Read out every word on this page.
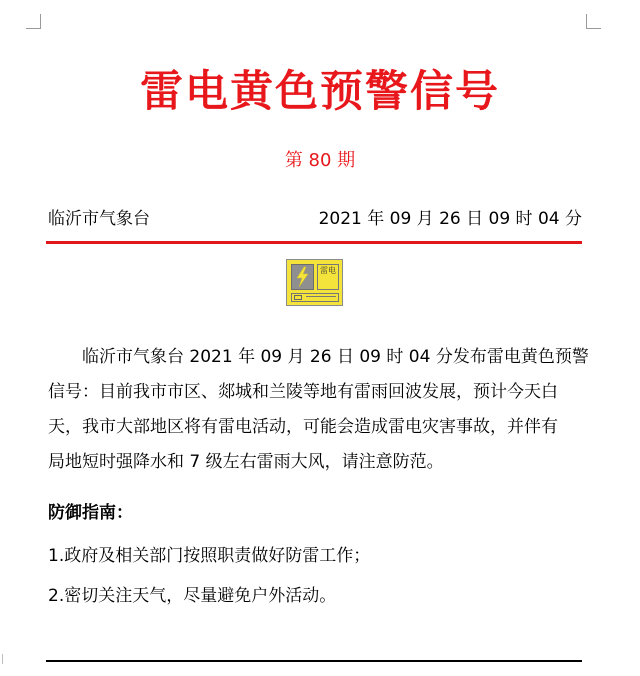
雷电黄色预警信号
第 80 期
临沂市气象台	2021 年 09 月 26 日 09 时 04 分
雷电
临沂市气象台 2021 年 09 月 26 日 09 时 04 分发布雷电黄色预警
信号：目前我市市区、郯城和兰陵等地有雷雨回波发展，预计今天白
天，我市大部地区将有雷电活动，可能会造成雷电灾害事故，并伴有
局地短时强降水和 7 级左右雷雨大风，请注意防范。
防御指南：
1.政府及相关部门按照职责做好防雷工作；
2.密切关注天气，尽量避免户外活动。
